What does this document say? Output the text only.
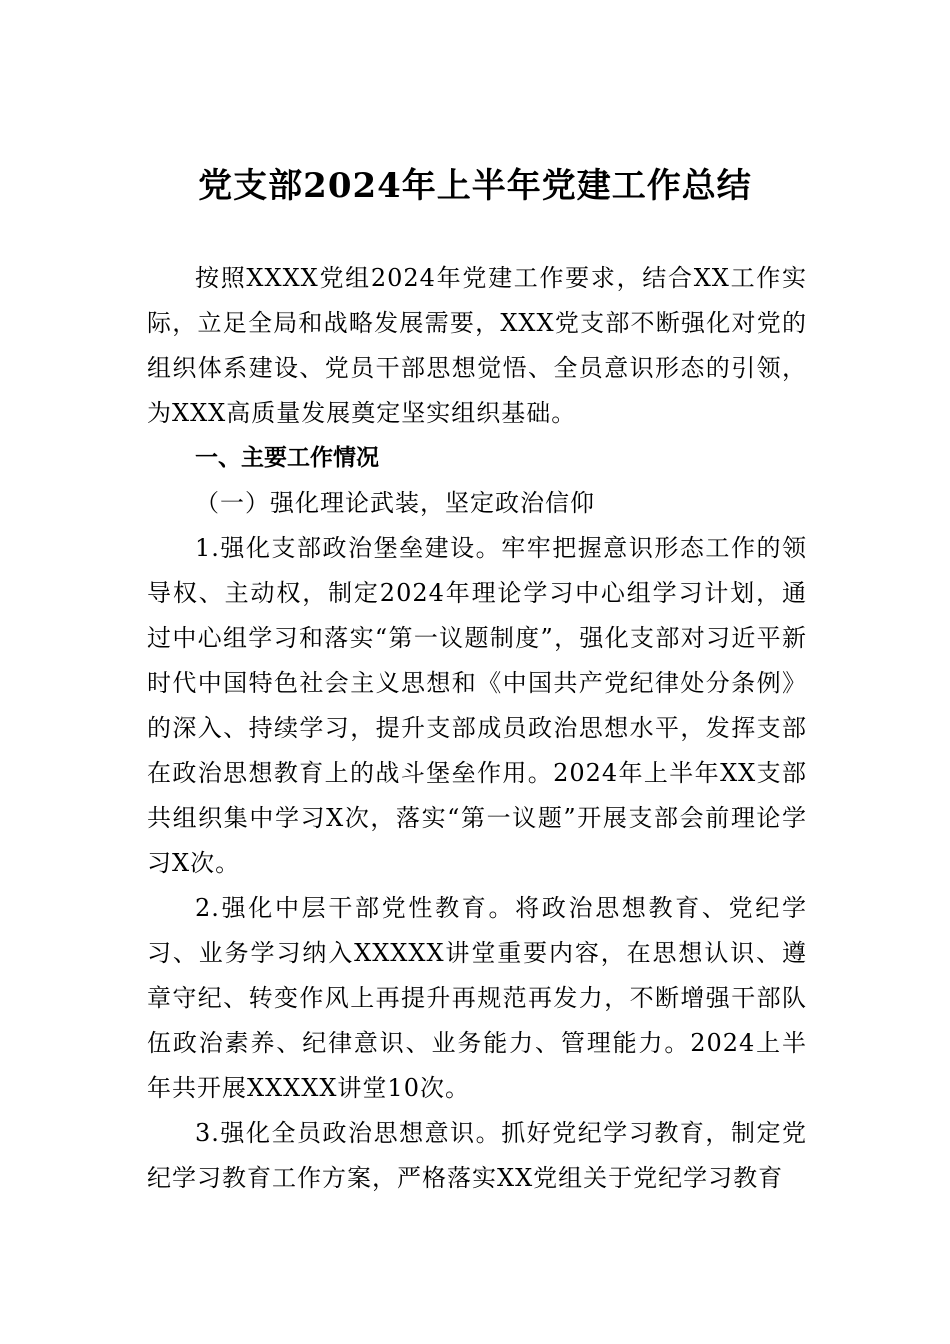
党支部2024年上半年党建工作总结

按照XXXX党组2024年党建工作要求，结合XX工作实际，立足全局和战略发展需要，XXX党支部不断强化对党的组织体系建设、党员干部思想觉悟、全员意识形态的引领，为XXX高质量发展奠定坚实组织基础。

一、主要工作情况

（一）强化理论武装，坚定政治信仰

1.强化支部政治堡垒建设。牢牢把握意识形态工作的领导权、主动权，制定2024年理论学习中心组学习计划，通过中心组学习和落实“第一议题制度”，强化支部对习近平新时代中国特色社会主义思想和《中国共产党纪律处分条例》的深入、持续学习，提升支部成员政治思想水平，发挥支部在政治思想教育上的战斗堡垒作用。2024年上半年XX支部共组织集中学习X次，落实“第一议题”开展支部会前理论学习X次。

2.强化中层干部党性教育。将政治思想教育、党纪学习、业务学习纳入XXXXX讲堂重要内容，在思想认识、遵章守纪、转变作风上再提升再规范再发力，不断增强干部队伍政治素养、纪律意识、业务能力、管理能力。2024上半年共开展XXXXX讲堂10次。

3.强化全员政治思想意识。抓好党纪学习教育，制定党纪学习教育工作方案，严格落实XX党组关于党纪学习教育
